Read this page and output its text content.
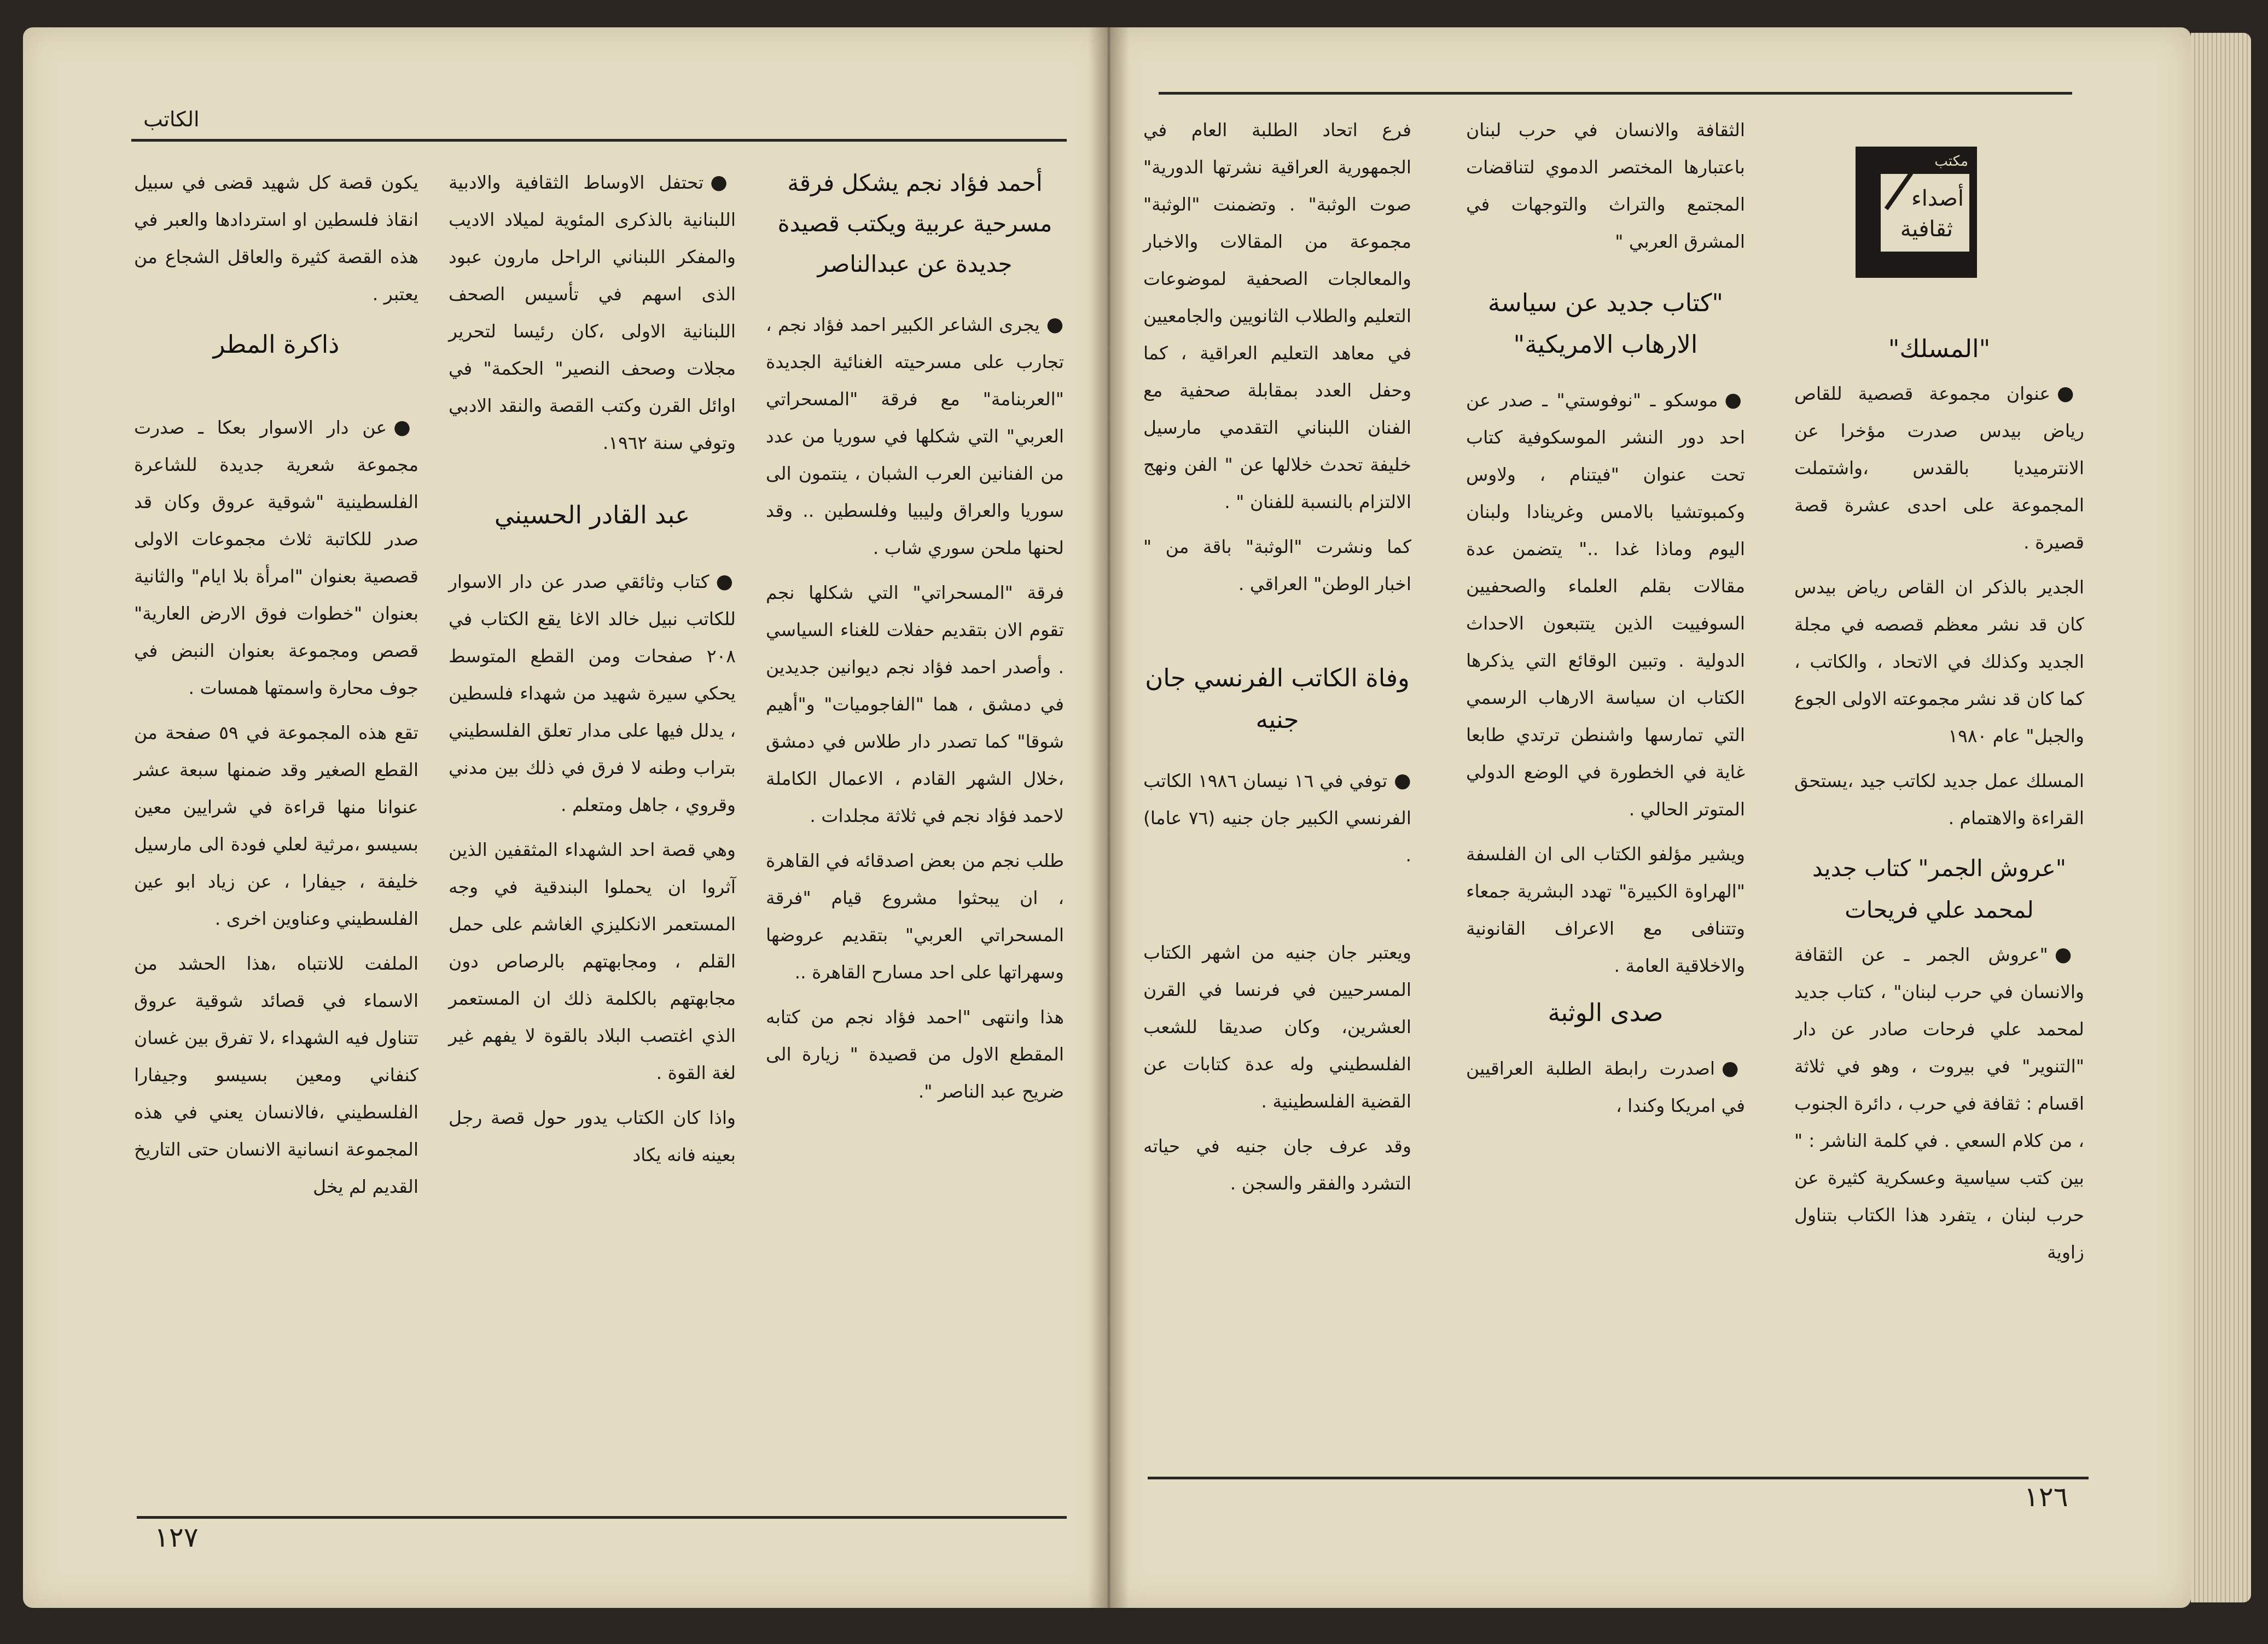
الكاتب
أحمد فؤاد نجم يشكل فرقة مسرحية عربية ويكتب قصيدة جديدة عن عبدالناصر

● يجرى الشاعر الكبير احمد فؤاد نجم ، تجارب على مسرحيته الغنائية الجديدة "العربنامة" مع فرقة "المسحراتي العربي" التي شكلها في سوريا من عدد من الفنانين العرب الشبان ، ينتمون الى سوريا والعراق وليبيا وفلسطين .. وقد لحنها ملحن سوري شاب .

فرقة "المسحراتي" التي شكلها نجم تقوم الان بتقديم حفلات للغناء السياسي . وأصدر احمد فؤاد نجم ديوانين جديدين في دمشق ، هما "الفاجوميات" و"أهيم شوقا" كما تصدر دار طلاس في دمشق ،خلال الشهر القادم ، الاعمال الكاملة لاحمد فؤاد نجم في ثلاثة مجلدات .

طلب نجم من بعض اصدقائه في القاهرة ، ان يبحثوا مشروع قيام "فرقة المسحراتي العربي" بتقديم عروضها وسهراتها على احد مسارح القاهرة ..

هذا وانتهى "احمد فؤاد نجم من كتابه المقطع الاول من قصيدة " زيارة الى ضريح عبد الناصر ".

● تحتفل الاوساط الثقافية والادبية اللبنانية بالذكرى المئوية لميلاد الاديب والمفكر اللبناني الراحل مارون عبود الذى اسهم في تأسيس الصحف اللبنانية الاولى ،كان رئيسا لتحرير مجلات وصحف النصير" الحكمة" في اوائل القرن وكتب القصة والنقد الادبي وتوفي سنة ١٩٦٢.

عبد القادر الحسيني

● كتاب وثائقي صدر عن دار الاسوار للكاتب نبيل خالد الاغا يقع الكتاب في ٢٠٨ صفحات ومن القطع المتوسط يحكي سيرة شهيد من شهداء فلسطين ، يدلل فيها على مدار تعلق الفلسطيني بتراب وطنه لا فرق في ذلك بين مدني وقروي ، جاهل ومتعلم .

وهي قصة احد الشهداء المثقفين الذين آثروا ان يحملوا البندقية في وجه المستعمر الانكليزي الغاشم على حمل القلم ، ومجابهتهم بالرصاص دون مجابهتهم بالكلمة ذلك ان المستعمر الذي اغتصب البلاد بالقوة لا يفهم غير لغة القوة .

واذا كان الكتاب يدور حول قصة رجل بعينه فانه يكاد

يكون قصة كل شهيد قضى في سبيل انقاذ فلسطين او استردادها والعبر في هذه القصة كثيرة والعاقل الشجاع من يعتبر .

ذاكرة المطر

● عن دار الاسوار بعكا ـ صدرت مجموعة شعرية جديدة للشاعرة الفلسطينية "شوقية عروق وكان قد صدر للكاتبة ثلاث مجموعات الاولى قصصية بعنوان "امرأة بلا ايام" والثانية بعنوان "خطوات فوق الارض العارية" قصص ومجموعة بعنوان النبض في جوف محارة واسمتها همسات .

تقع هذه المجموعة في ٥٩ صفحة من القطع الصغير وقد ضمنها سبعة عشر عنوانا منها قراءة في شرايين معين بسيسو ،مرثية لعلي فودة الى مارسيل خليفة ، جيفارا ، عن زياد ابو عين الفلسطيني وعناوين اخرى .

الملفت للانتباه ،هذا الحشد من الاسماء في قصائد شوقية عروق تتناول فيه الشهداء ،لا تفرق بين غسان كنفاني ومعين بسيسو وجيفارا الفلسطيني ،فالانسان يعني في هذه المجموعة انسانية الانسان حتى التاريخ القديم لم يخل

١٢٧
مكتب
أصداء
ثقافية
"المسلك"

● عنوان مجموعة قصصية للقاص رياض بيدس صدرت مؤخرا عن الانترميديا بالقدس ،واشتملت المجموعة على احدى عشرة قصة قصيرة .

الجدير بالذكر ان القاص رياض بيدس كان قد نشر معظم قصصه في مجلة الجديد وكذلك في الاتحاد ، والكاتب ، كما كان قد نشر مجموعته الاولى الجوع والجبل" عام ١٩٨٠

المسلك عمل جديد لكاتب جيد ،يستحق القراءة والاهتمام .

"عروش الجمر" كتاب جديد لمحمد علي فريحات

● "عروش الجمر ـ عن الثقافة والانسان في حرب لبنان" ، كتاب جديد لمحمد علي فرحات صادر عن دار "التنوير" في بيروت ، وهو في ثلاثة اقسام : ثقافة في حرب ، دائرة الجنوب ، من كلام السعي . في كلمة الناشر : " بين كتب سياسية وعسكرية كثيرة عن حرب لبنان ، يتفرد هذا الكتاب بتناول زاوية

الثقافة والانسان في حرب لبنان باعتبارها المختصر الدموي لتناقضات المجتمع والتراث والتوجهات في المشرق العربي "

"كتاب جديد عن سياسة الارهاب الامريكية"

● موسكو ـ "نوفوستي" ـ صدر عن احد دور النشر الموسكوفية كتاب تحت عنوان "فيتنام ، ولاوس وكمبوتشيا بالامس وغرينادا ولبنان اليوم وماذا غدا .." يتضمن عدة مقالات بقلم العلماء والصحفيين السوفييت الذين يتتبعون الاحداث الدولية . وتبين الوقائع التي يذكرها الكتاب ان سياسة الارهاب الرسمي التي تمارسها واشنطن ترتدي طابعا غاية في الخطورة في الوضع الدولي المتوتر الحالي .

ويشير مؤلفو الكتاب الى ان الفلسفة "الهراوة الكبيرة" تهدد البشرية جمعاء وتتنافى مع الاعراف القانونية والاخلاقية العامة .

صدى الوثبة

● اصدرت رابطة الطلبة العراقيين في امريكا وكندا ،

فرع اتحاد الطلبة العام في الجمهورية العراقية نشرتها الدورية" صوت الوثبة" . وتضمنت "الوثبة" مجموعة من المقالات والاخبار والمعالجات الصحفية لموضوعات التعليم والطلاب الثانويين والجامعيين في معاهد التعليم العراقية ، كما وحفل العدد بمقابلة صحفية مع الفنان اللبناني التقدمي مارسيل خليفة تحدث خلالها عن " الفن ونهج الالتزام بالنسبة للفنان " .

كما ونشرت "الوثبة" باقة من " اخبار الوطن" العراقي .

وفاة الكاتب الفرنسي جان جنيه

● توفي في ١٦ نيسان ١٩٨٦ الكاتب الفرنسي الكبير جان جنيه (٧٦ عاما) .

ويعتبر جان جنيه من اشهر الكتاب المسرحيين في فرنسا في القرن العشرين، وكان صديقا للشعب الفلسطيني وله عدة كتابات عن القضية الفلسطينية .

وقد عرف جان جنيه في حياته التشرد والفقر والسجن .

١٢٦
